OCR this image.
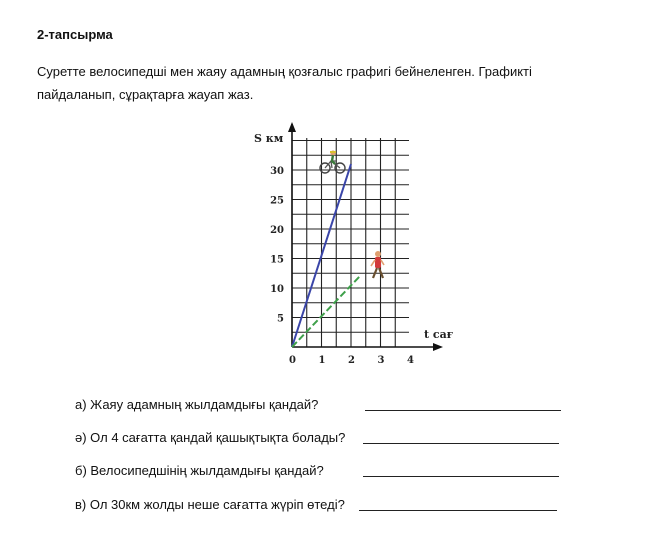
2-тапсырма
Суретте велосипедші мен жаяу адамның қозғалыс графигі бейнеленген. Графикті
пайдаланып, сұрақтарға жауап жаз.
0 1 2 3 4
5
10
15
20
25
30
S км
t сағ
а) Жаяу адамның жылдамдығы қандай?
ә) Ол 4 сағатта қандай қашықтықта болады?
б) Велосипедшінің жылдамдығы қандай?
в) Ол 30км жолды неше сағатта жүріп өтеді?
